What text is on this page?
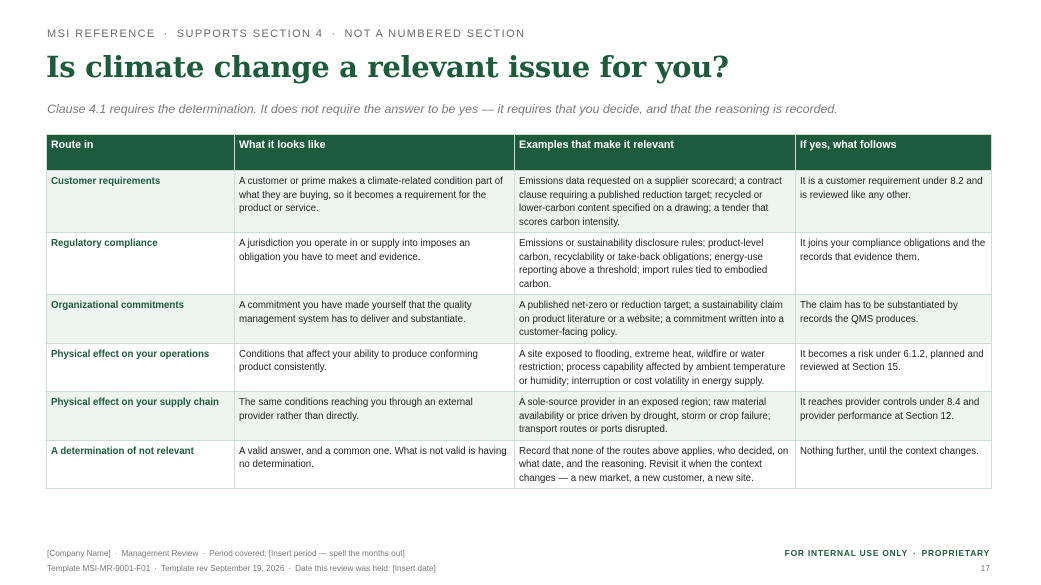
MSI REFERENCE · SUPPORTS SECTION 4 · NOT A NUMBERED SECTION
Is climate change a relevant issue for you?
Clause 4.1 requires the determination. It does not require the answer to be yes — it requires that you decide, and that the reasoning is recorded.
Route in	What it looks like	Examples that make it relevant	If yes, what follows
Customer requirements	A customer or prime makes a climate-related condition part of what they are buying, so it becomes a requirement for the product or service.	Emissions data requested on a supplier scorecard; a contract clause requiring a published reduction target; recycled or lower-carbon content specified on a drawing; a tender that scores carbon intensity.	It is a customer requirement under 8.2 and is reviewed like any other.
Regulatory compliance	A jurisdiction you operate in or supply into imposes an obligation you have to meet and evidence.	Emissions or sustainability disclosure rules; product-level carbon, recyclability or take-back obligations; energy-use reporting above a threshold; import rules tied to embodied carbon.	It joins your compliance obligations and the records that evidence them.
Organizational commitments	A commitment you have made yourself that the quality management system has to deliver and substantiate.	A published net-zero or reduction target; a sustainability claim on product literature or a website; a commitment written into a customer-facing policy.	The claim has to be substantiated by records the QMS produces.
Physical effect on your operations	Conditions that affect your ability to produce conforming product consistently.	A site exposed to flooding, extreme heat, wildfire or water restriction; process capability affected by ambient temperature or humidity; interruption or cost volatility in energy supply.	It becomes a risk under 6.1.2, planned and reviewed at Section 15.
Physical effect on your supply chain	The same conditions reaching you through an external provider rather than directly.	A sole-source provider in an exposed region; raw material availability or price driven by drought, storm or crop failure; transport routes or ports disrupted.	It reaches provider controls under 8.4 and provider performance at Section 12.
A determination of not relevant	A valid answer, and a common one. What is not valid is having no determination.	Record that none of the routes above applies, who decided, on what date, and the reasoning. Revisit it when the context changes — a new market, a new customer, a new site.	Nothing further, until the context changes.
[Company Name] · Management Review · Period covered: [Insert period — spell the months out]
Template MSI-MR-9001-F01 · Template rev September 19, 2026 · Date this review was held: [Insert date]
FOR INTERNAL USE ONLY · PROPRIETARY
17
